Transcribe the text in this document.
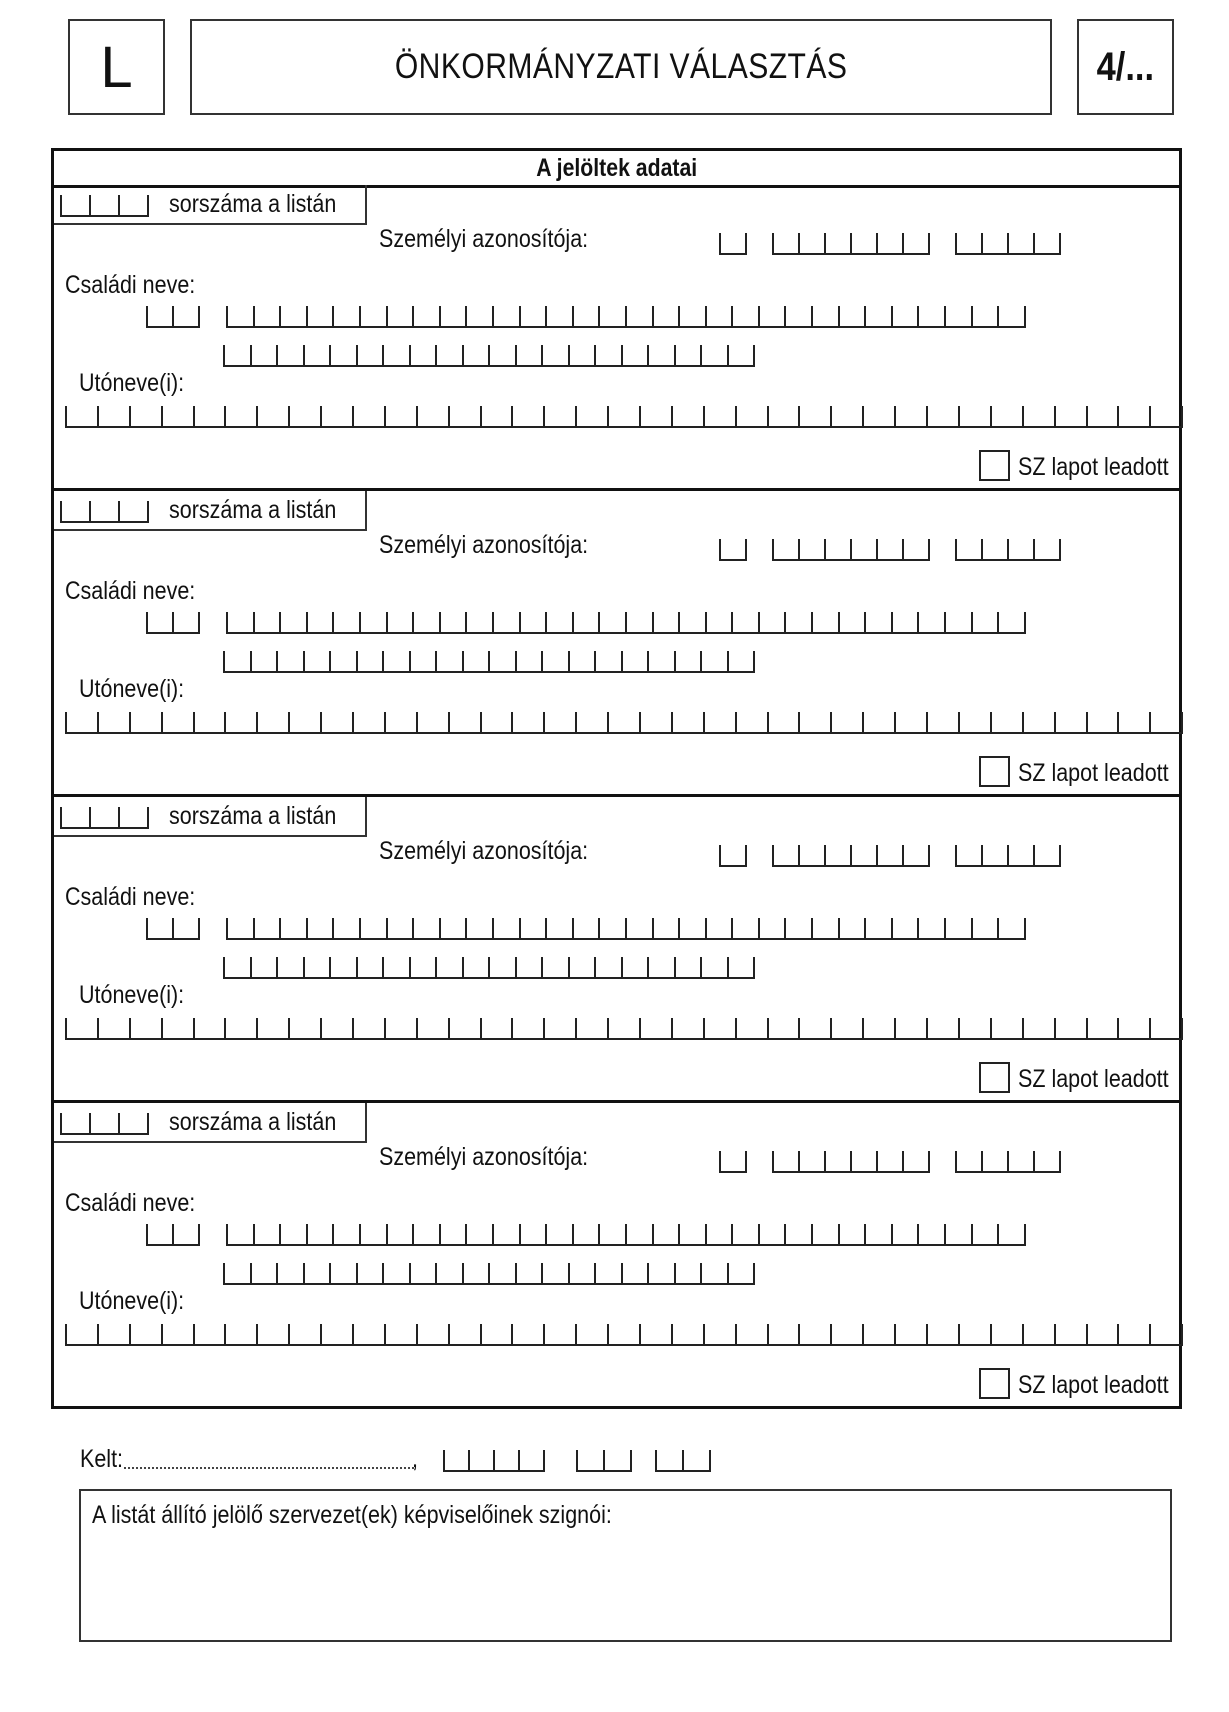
L	ÖNKORMÁNYZATI VÁLASZTÁS	4/...
A jelöltek adatai
sorszáma a listán
Személyi azonosítója:
Családi neve:
Utóneve(i):
SZ lapot leadott
sorszáma a listán
Személyi azonosítója:
Családi neve:
Utóneve(i):
SZ lapot leadott
sorszáma a listán
Személyi azonosítója:
Családi neve:
Utóneve(i):
SZ lapot leadott
sorszáma a listán
Személyi azonosítója:
Családi neve:
Utóneve(i):
SZ lapot leadott
Kelt:	,
A listát állító jelölő szervezet(ek) képviselőinek szignói:
